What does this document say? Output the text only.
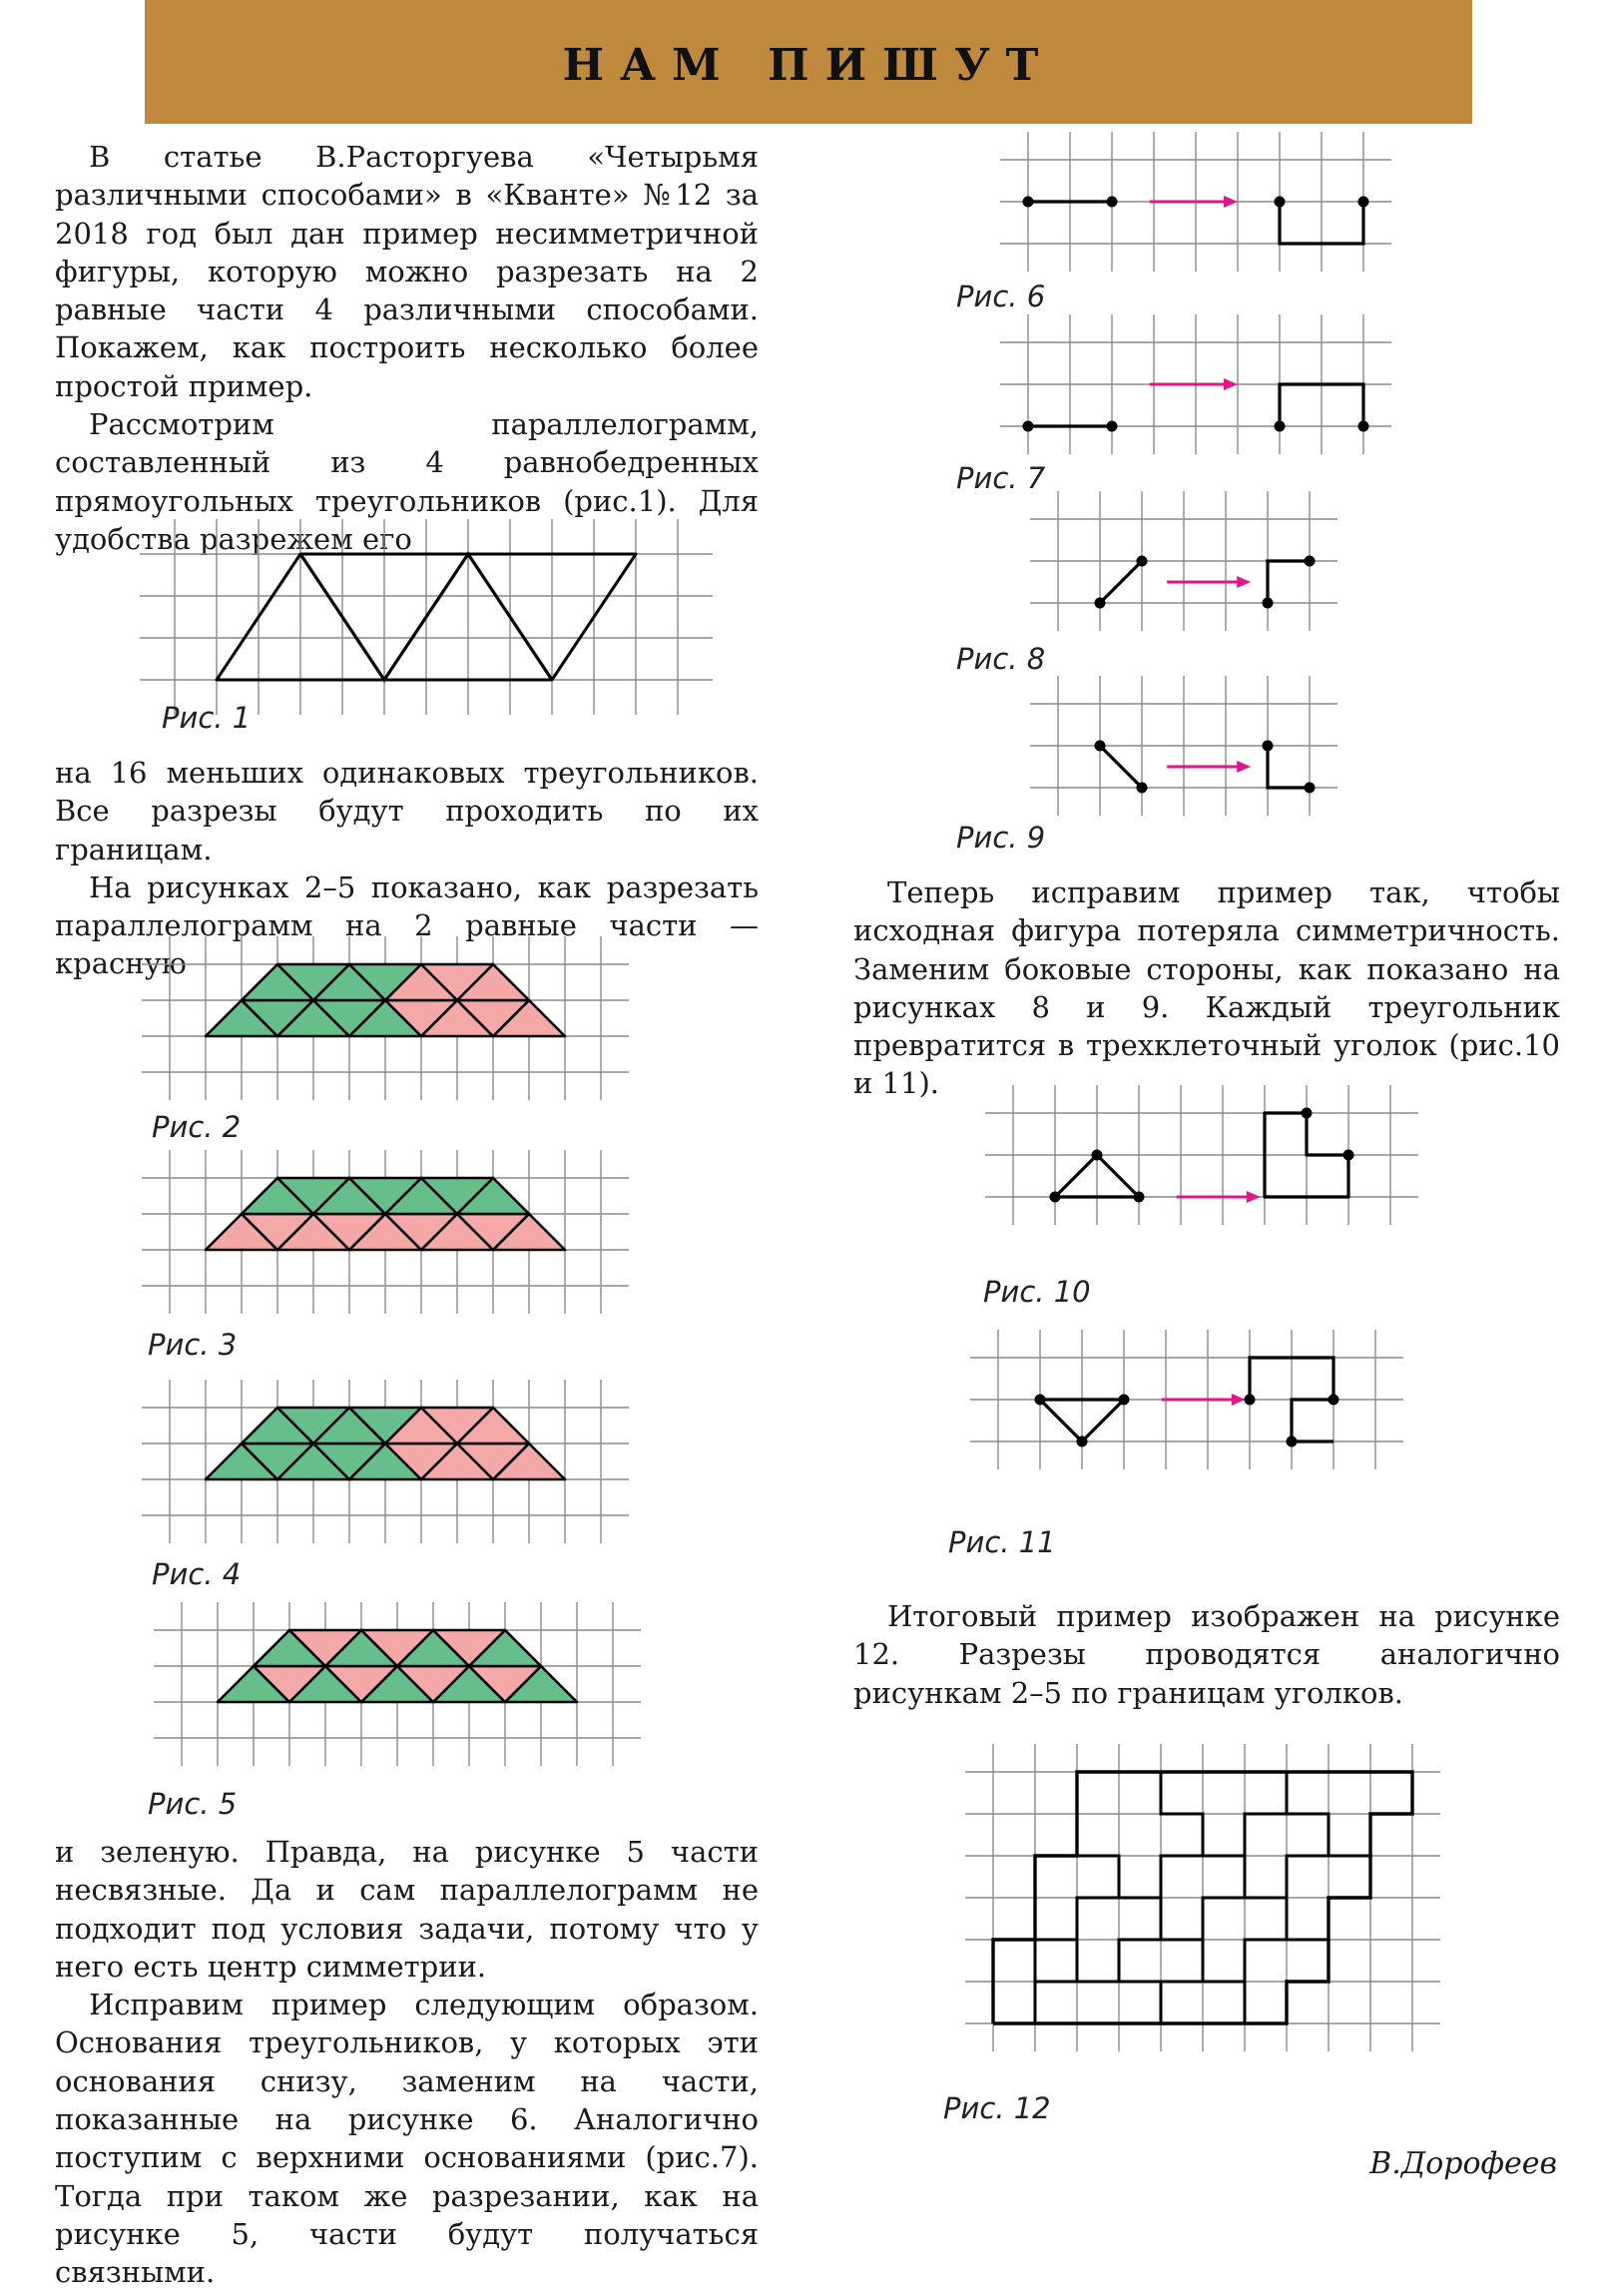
НАМ ПИШУТ

В статье В.Расторгуева «Четырьмя различными способами» в «Кванте» №12 за 2018 год был дан пример несимметричной фигуры, которую можно разрезать на 2 равные части 4 различными способами. Покажем, как построить несколько более простой пример.

Рассмотрим параллелограмм, составленный из 4 равнобедренных прямоугольных треугольников (рис.1). Для удобства разрежем его

Рис. 1

на 16 меньших одинаковых треугольников. Все разрезы будут проходить по их границам.

На рисунках 2–5 показано, как разрезать параллелограмм на 2 равные части — красную

Рис. 2
Рис. 3
Рис. 4
Рис. 5

и зеленую. Правда, на рисунке 5 части несвязные. Да и сам параллелограмм не подходит под условия задачи, потому что у него есть центр симметрии.

Исправим пример следующим образом. Основания треугольников, у которых эти основания снизу, заменим на части, показанные на рисунке 6. Аналогично поступим с верхними основаниями (рис.7). Тогда при таком же разрезании, как на рисунке 5, части будут получаться связными.

Рис. 6
Рис. 7
Рис. 8
Рис. 9

Теперь исправим пример так, чтобы исходная фигура потеряла симметричность. Заменим боковые стороны, как показано на рисунках 8 и 9. Каждый треугольник превратится в трехклеточный уголок (рис.10 и 11).

Рис. 10
Рис. 11

Итоговый пример изображен на рисунке 12. Разрезы проводятся аналогично рисункам 2–5 по границам уголков.

Рис. 12
В.Дорофеев
